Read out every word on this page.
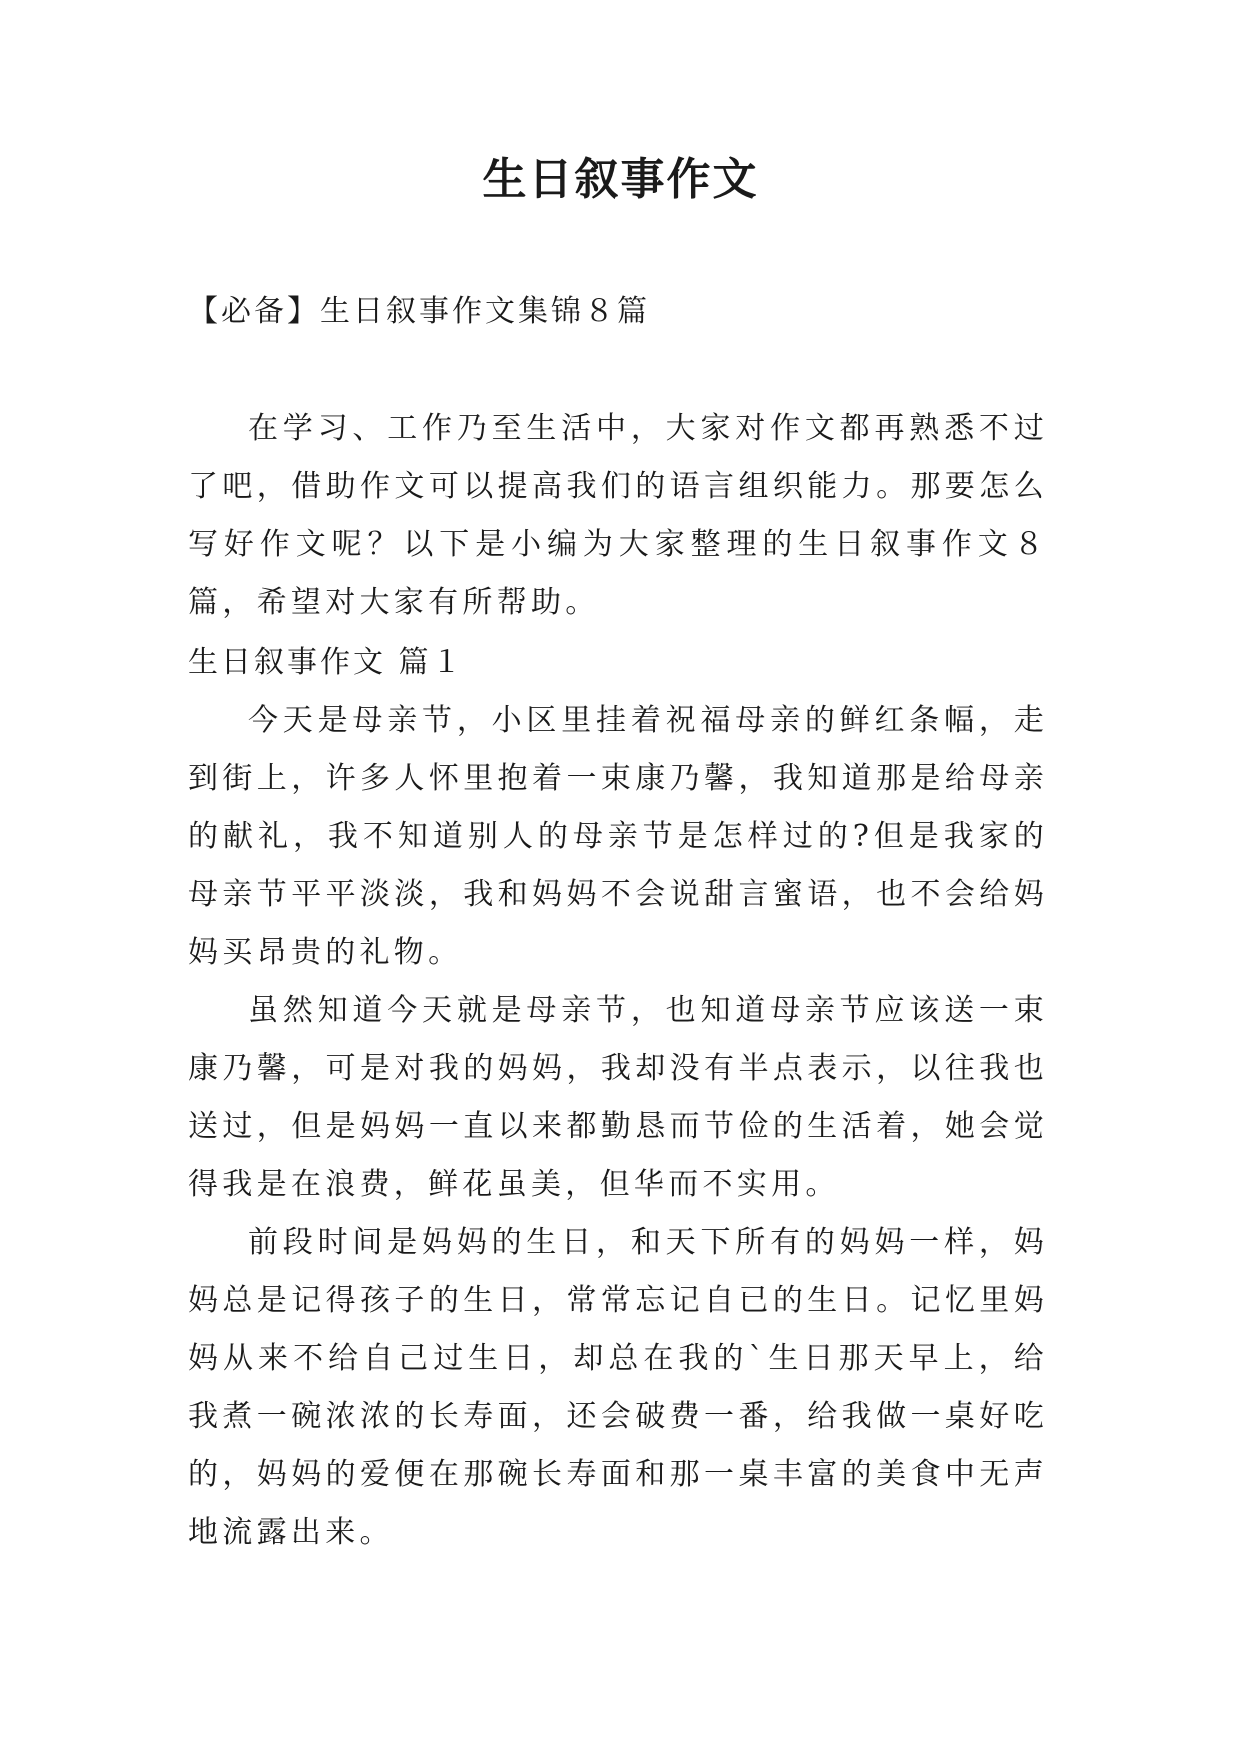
生日叙事作文
【必备】生日叙事作文集锦８篇

在学习、工作乃至生活中，大家对作文都再熟悉不过了吧，借助作文可以提高我们的语言组织能力。那要怎么写好作文呢？以下是小编为大家整理的生日叙事作文８篇，希望对大家有所帮助。

生日叙事作文 篇１

今天是母亲节，小区里挂着祝福母亲的鲜红条幅，走到街上，许多人怀里抱着一束康乃馨，我知道那是给母亲的献礼，我不知道别人的母亲节是怎样过的?但是我家的母亲节平平淡淡，我和妈妈不会说甜言蜜语，也不会给妈妈买昂贵的礼物。

虽然知道今天就是母亲节，也知道母亲节应该送一束康乃馨，可是对我的妈妈，我却没有半点表示，以往我也送过，但是妈妈一直以来都勤恳而节俭的生活着，她会觉得我是在浪费，鲜花虽美，但华而不实用。

前段时间是妈妈的生日，和天下所有的妈妈一样，妈妈总是记得孩子的生日，常常忘记自已的生日。记忆里妈妈从来不给自己过生日，却总在我的`生日那天早上，给我煮一碗浓浓的长寿面，还会破费一番，给我做一桌好吃的，妈妈的爱便在那碗长寿面和那一桌丰富的美食中无声地流露出来。
